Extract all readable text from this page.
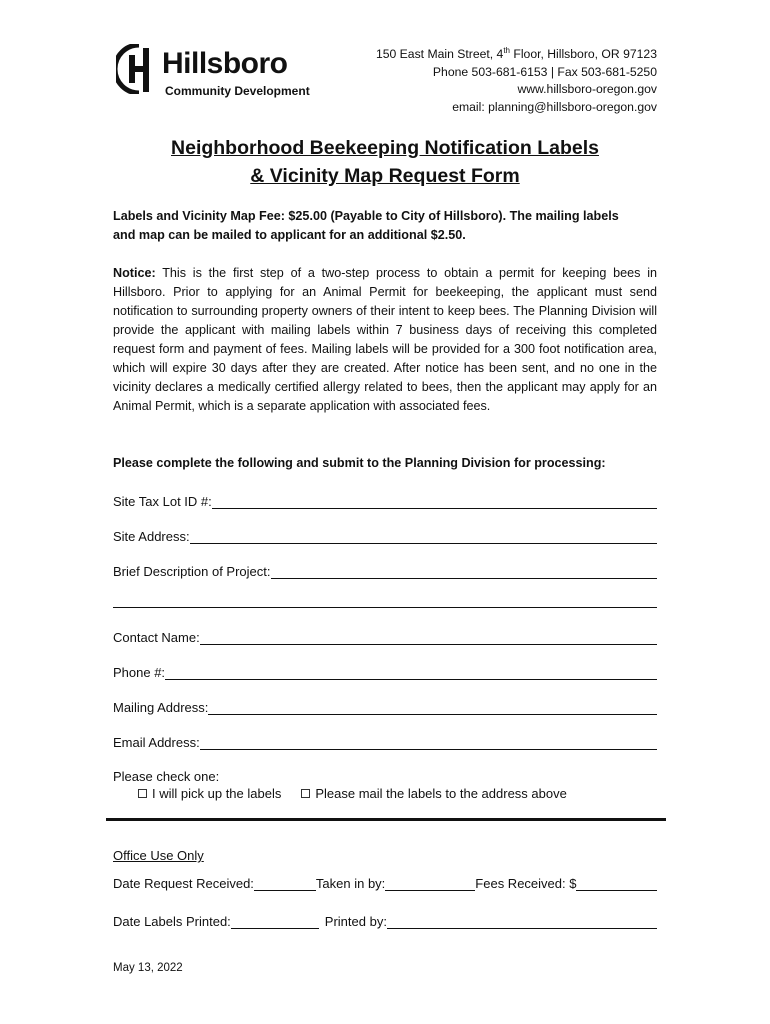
Hillsboro
Community Development
150 East Main Street, 4th Floor, Hillsboro, OR 97123
Phone 503-681-6153 | Fax 503-681-5250
www.hillsboro-oregon.gov
email: planning@hillsboro-oregon.gov
Neighborhood Beekeeping Notification Labels
& Vicinity Map Request Form
Labels and Vicinity Map Fee: $25.00 (Payable to City of Hillsboro). The mailing labels
and map can be mailed to applicant for an additional $2.50.
Notice: This is the first step of a two-step process to obtain a permit for keeping bees in Hillsboro. Prior to applying for an Animal Permit for beekeeping, the applicant must send notification to surrounding property owners of their intent to keep bees. The Planning Division will provide the applicant with mailing labels within 7 business days of receiving this completed request form and payment of fees. Mailing labels will be provided for a 300 foot notification area, which will expire 30 days after they are created. After notice has been sent, and no one in the vicinity declares a medically certified allergy related to bees, then the applicant may apply for an Animal Permit, which is a separate application with associated fees.
Please complete the following and submit to the Planning Division for processing:
Site Tax Lot ID #:
Site Address:
Brief Description of Project:
Contact Name:
Phone #:
Mailing Address:
Email Address:
Please check one:
I will pick up the labels	Please mail the labels to the address above
Office Use Only
Date Request Received:	Taken in by:	Fees Received: $
Date Labels Printed:	Printed by:
May 13, 2022
